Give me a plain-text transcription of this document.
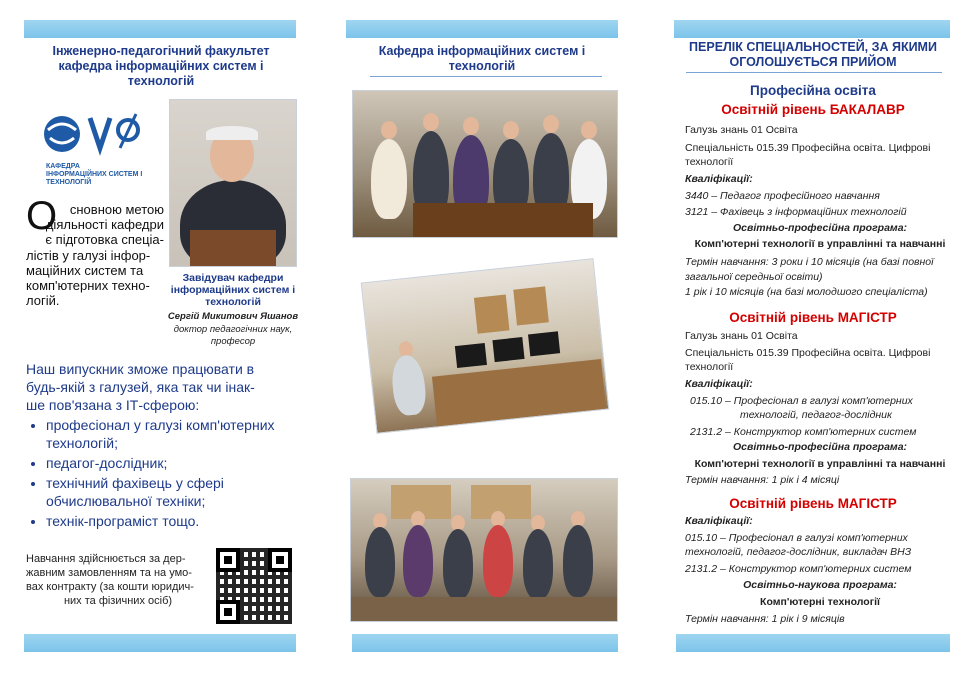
Інженерно-педагогічний факультет
кафедра інформаційних систем і технологій
КАФЕДРА
ІНФОРМАЦІЙНИХ СИСТЕМ І
ТЕХНОЛОГІЙ
О сновною метою
діяльності кафедри
є підготовка спеціа-
лістів у галузі інфор-
маційних систем та
комп'ютерних техно-
логій.
Завідувач кафедри
інформаційних систем і
технологій
Сергій Микитович Яшанов
доктор педагогічних наук,
професор
Наш випускник зможе працювати в
будь-якій з галузей, яка так чи інак-
ше пов'язана з ІТ-сферою:
• професіонал у галузі комп'ютерних технологій;
• педагог-дослідник;
• технічний фахівець у сфері обчислювальної техніки;
• технік-програміст тощо.
Навчання здійснюється за дер-
жавним замовленням та на умо-
вах контракту (за кошти юридич-
них та фізичних осіб)
Кафедра інформаційних систем і
технологій
ПЕРЕЛІК СПЕЦІАЛЬНОСТЕЙ, ЗА ЯКИМИ
ОГОЛОШУЄТЬСЯ ПРИЙОМ
Професійна освіта
Освітній рівень БАКАЛАВР
Галузь знань 01 Освіта
Спеціальність 015.39 Професійна освіта. Цифрові
технології
Кваліфікації:
3440 – Педагог професійного навчання
3121 – Фахівець з інформаційних технологій
Освітньо-професійна програма:
Комп'ютерні технології в управлінні та навчанні
Термін навчання: 3 роки і 10 місяців (на базі повної
загальної середньої освіти)
1 рік і 10 місяців (на базі молодшого спеціаліста)
Освітній рівень МАГІСТР
Галузь знань 01 Освіта
Спеціальність 015.39 Професійна освіта. Цифрові
технології
Кваліфікації:
015.10 – Професіонал в галузі комп'ютерних
технологій, педагог-дослідник
2131.2 – Конструктор комп'ютерних систем
Освітньо-професійна програма:
Комп'ютерні технології в управлінні та навчанні
Термін навчання: 1 рік і 4 місяці
Освітній рівень МАГІСТР
Кваліфікації:
015.10 – Професіонал в галузі комп'ютерних
технологій, педагог-дослідник, викладач ВНЗ
2131.2 – Конструктор комп'ютерних систем
Освітньо-наукова програма:
Комп'ютерні технології
Термін навчання: 1 рік і 9 місяців
